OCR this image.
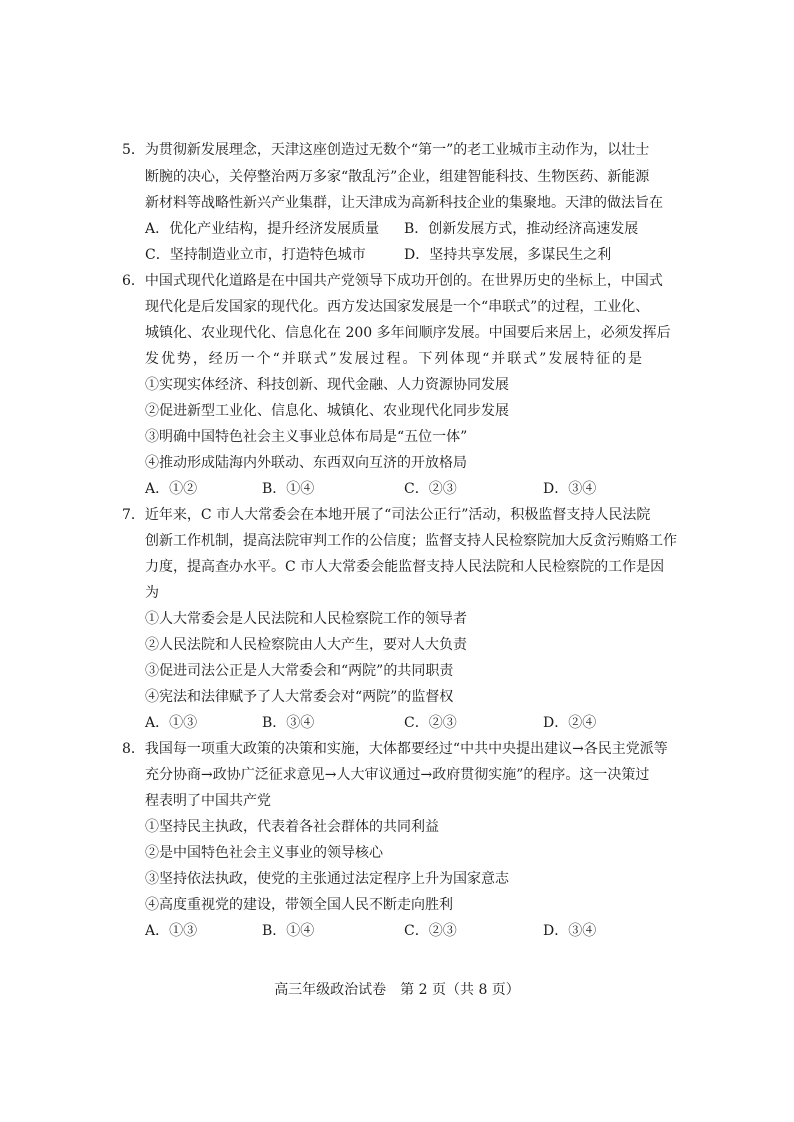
5．为贯彻新发展理念，天津这座创造过无数个“第一”的老工业城市主动作为，以壮士
断腕的决心，关停整治两万多家“散乱污”企业，组建智能科技、生物医药、新能源
新材料等战略性新兴产业集群，让天津成为高新科技企业的集聚地。天津的做法旨在
A．优化产业结构，提升经济发展质量 B．创新发展方式，推动经济高速发展
C．坚持制造业立市，打造特色城市	D．坚持共享发展，多谋民生之利
6．中国式现代化道路是在中国共产党领导下成功开创的。在世界历史的坐标上，中国式
现代化是后发国家的现代化。西方发达国家发展是一个“串联式”的过程，工业化、
城镇化、农业现代化、信息化在 200 多年间顺序发展。中国要后来居上，必须发挥后
发优势，经历一个“并联式”发展过程。下列体现“并联式”发展特征的是
①实现实体经济、科技创新、现代金融、人力资源协同发展
②促进新型工业化、信息化、城镇化、农业现代化同步发展
③明确中国特色社会主义事业总体布局是“五位一体”
④推动形成陆海内外联动、东西双向互济的开放格局
A．①②	B．①④	C．②③	D．③④
7．近年来，C 市人大常委会在本地开展了“司法公正行”活动，积极监督支持人民法院
创新工作机制，提高法院审判工作的公信度；监督支持人民检察院加大反贪污贿赂工作
力度，提高查办水平。C 市人大常委会能监督支持人民法院和人民检察院的工作是因
为
①人大常委会是人民法院和人民检察院工作的领导者
②人民法院和人民检察院由人大产生，要对人大负责
③促进司法公正是人大常委会和“两院”的共同职责
④宪法和法律赋予了人大常委会对“两院”的监督权
A．①③	B．③④	C．②③	D．②④
8．我国每一项重大政策的决策和实施，大体都要经过“中共中央提出建议→各民主党派等
充分协商→政协广泛征求意见→人大审议通过→政府贯彻实施”的程序。这一决策过
程表明了中国共产党
①坚持民主执政，代表着各社会群体的共同利益
②是中国特色社会主义事业的领导核心
③坚持依法执政，使党的主张通过法定程序上升为国家意志
④高度重视党的建设，带领全国人民不断走向胜利
A．①③	B．①④	C．②③	D．③④
高三年级政治试卷　第 2 页（共 8 页）
